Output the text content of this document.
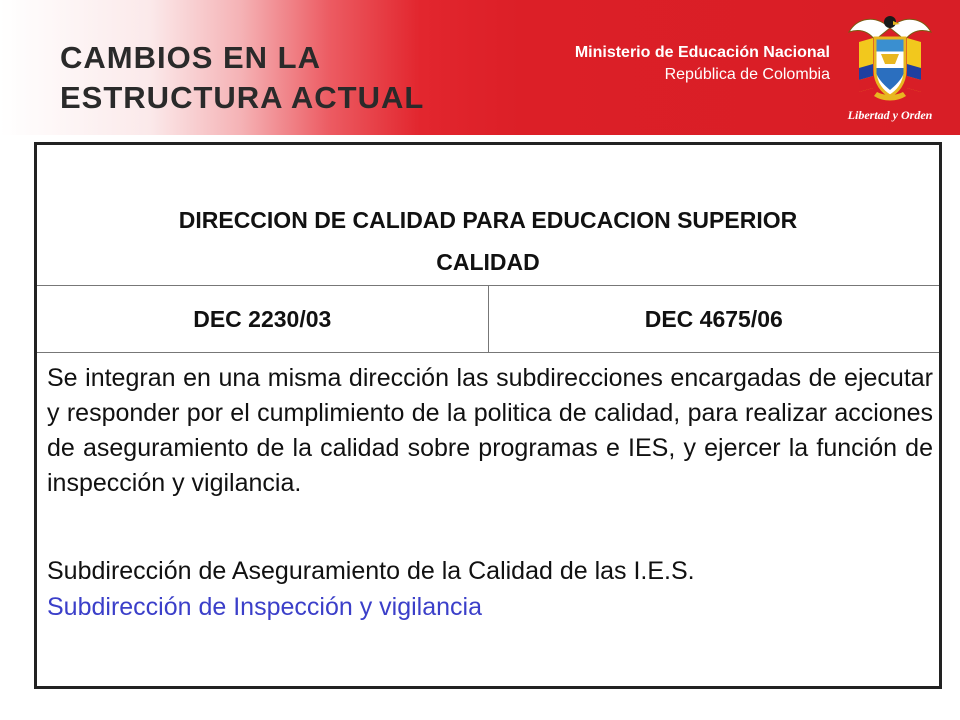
CAMBIOS EN LA
ESTRUCTURA ACTUAL
Ministerio de Educación Nacional
República de Colombia
Libertad y Orden
DIRECCION DE CALIDAD PARA EDUCACION SUPERIOR
CALIDAD
DEC 2230/03	DEC 4675/06

Se integran en una misma dirección las subdirecciones encargadas de ejecutar y responder por el cumplimiento de la politica de calidad, para realizar acciones de aseguramiento de la calidad sobre programas e IES, y ejercer la función de inspección y vigilancia.

Subdirección de Aseguramiento de la Calidad de las I.E.S.

Subdirección de Inspección y vigilancia
